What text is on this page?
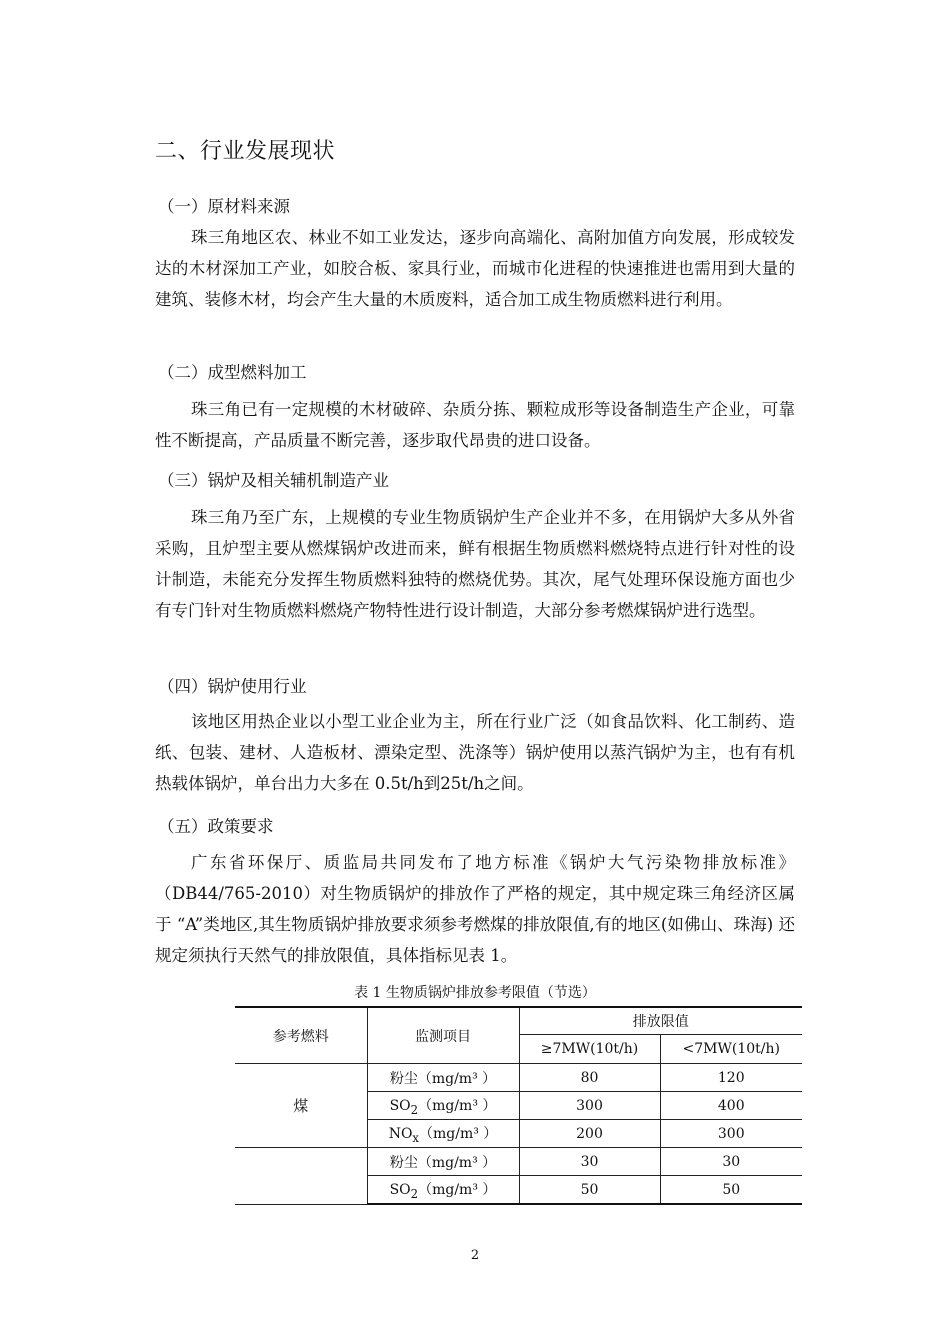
二、行业发展现状
（一）原材料来源

珠三角地区农、林业不如工业发达，逐步向高端化、高附加值方向发展，形成较发达的木材深加工产业，如胶合板、家具行业，而城市化进程的快速推进也需用到大量的建筑、装修木材，均会产生大量的木质废料，适合加工成生物质燃料进行利用。

（二）成型燃料加工

珠三角已有一定规模的木材破碎、杂质分拣、颗粒成形等设备制造生产企业，可靠性不断提高，产品质量不断完善，逐步取代昂贵的进口设备。

（三）锅炉及相关辅机制造产业

珠三角乃至广东，上规模的专业生物质锅炉生产企业并不多，在用锅炉大多从外省采购，且炉型主要从燃煤锅炉改进而来，鲜有根据生物质燃料燃烧特点进行针对性的设计制造，未能充分发挥生物质燃料独特的燃烧优势。其次，尾气处理环保设施方面也少有专门针对生物质燃料燃烧产物特性进行设计制造，大部分参考燃煤锅炉进行选型。

（四）锅炉使用行业

该地区用热企业以小型工业企业为主，所在行业广泛（如食品饮料、化工制药、造纸、包装、建材、人造板材、漂染定型、洗涤等）锅炉使用以蒸汽锅炉为主，也有有机热载体锅炉，单台出力大多在 0.5t/h到25t/h之间。

（五）政策要求

广东省环保厅、质监局共同发布了地方标准《锅炉大气污染物排放标准》（DB44/765-2010）对生物质锅炉的排放作了严格的规定，其中规定珠三角经济区属于 “A”类地区,其生物质锅炉排放要求须参考燃煤的排放限值,有的地区(如佛山、珠海) 还规定须执行天然气的排放限值，具体指标见表 1。

表 1 生物质锅炉排放参考限值（节选）
参考燃料	监测项目	排放限值	
		≥7MW(10t/h)	<7MW(10t/h)
煤	粉尘（mg/m³ ）	80	120
	$SO_2(mg/m^3$ ）	300	400
	$NO_x(mg/m^3$ ）	200	300
	粉尘（mg/m³ ）	30	30
	$SO_2(mg/m^3$ ）	50	50
2
